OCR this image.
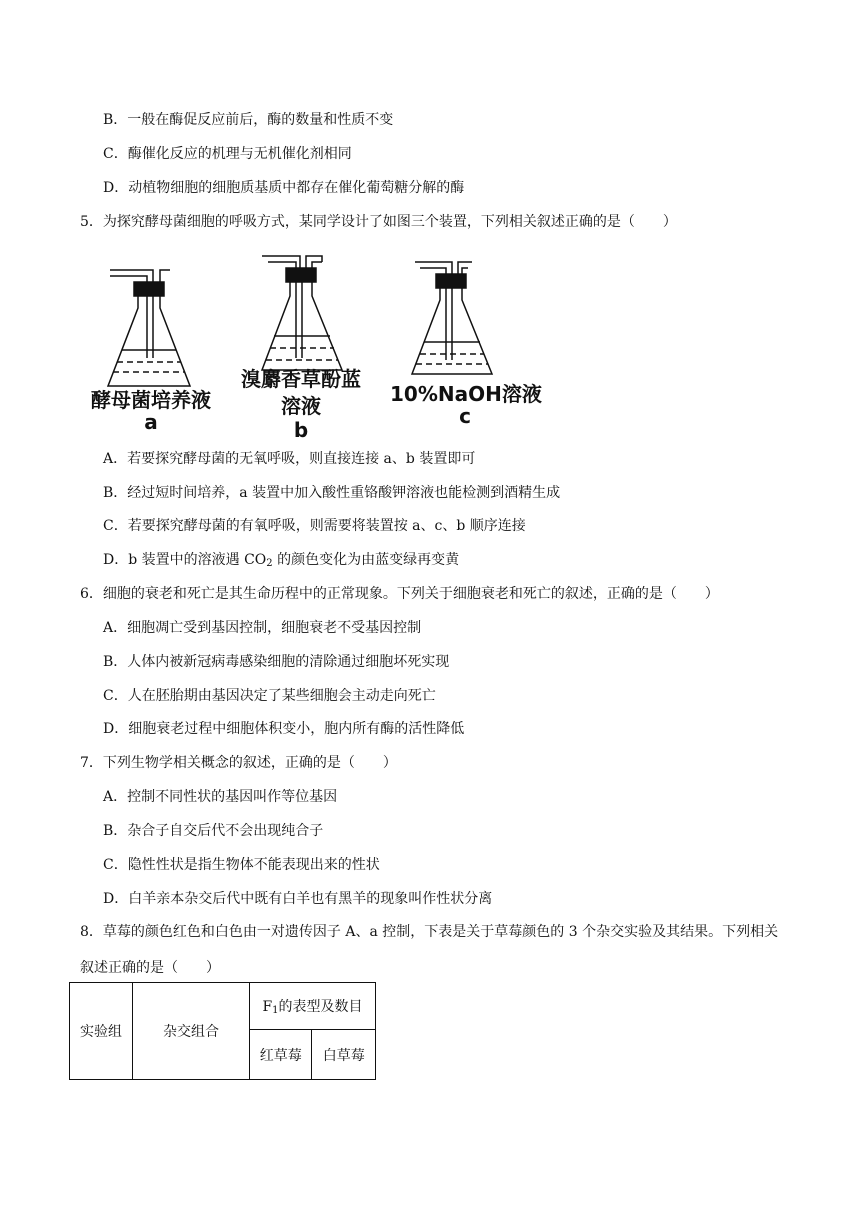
B．一般在酶促反应前后，酶的数量和性质不变
C．酶催化反应的机理与无机催化剂相同
D．动植物细胞的细胞质基质中都存在催化葡萄糖分解的酶
5．为探究酵母菌细胞的呼吸方式，某同学设计了如图三个装置，下列相关叙述正确的是（　　）
酵母菌培养液
a
溴麝香草酚蓝
溶液
b
10%NaOH溶液
c
A．若要探究酵母菌的无氧呼吸，则直接连接 a、b 装置即可
B．经过短时间培养，a 装置中加入酸性重铬酸钾溶液也能检测到酒精生成
C．若要探究酵母菌的有氧呼吸，则需要将装置按 a、c、b 顺序连接
D．b 装置中的溶液遇 $CO_2$ 的颜色变化为由蓝变绿再变黄
6．细胞的衰老和死亡是其生命历程中的正常现象。下列关于细胞衰老和死亡的叙述，正确的是（　　）
A．细胞凋亡受到基因控制，细胞衰老不受基因控制
B．人体内被新冠病毒感染细胞的清除通过细胞坏死实现
C．人在胚胎期由基因决定了某些细胞会主动走向死亡
D．细胞衰老过程中细胞体积变小，胞内所有酶的活性降低
7．下列生物学相关概念的叙述，正确的是（　　）
A．控制不同性状的基因叫作等位基因
B．杂合子自交后代不会出现纯合子
C．隐性性状是指生物体不能表现出来的性状
D．白羊亲本杂交后代中既有白羊也有黑羊的现象叫作性状分离
8．草莓的颜色红色和白色由一对遗传因子 A、a 控制，下表是关于草莓颜色的 3 个杂交实验及其结果。下列相关叙述正确的是（　　）
实验组	杂交组合	$F_1$的表型及数目	
		红草莓	白草莓
